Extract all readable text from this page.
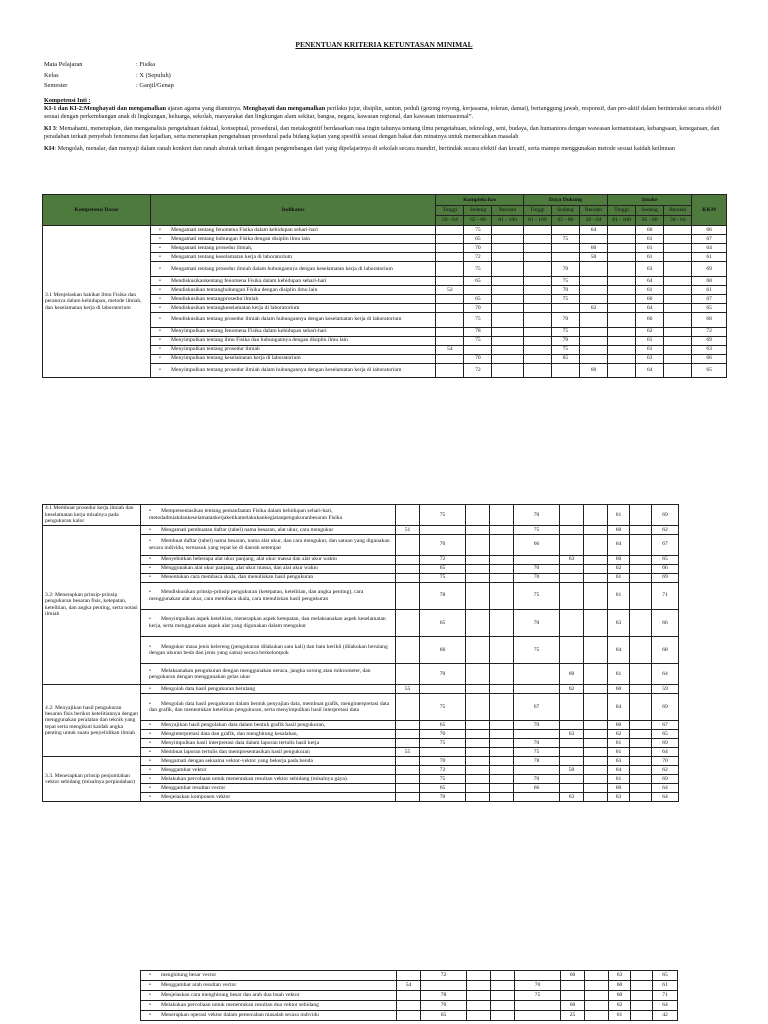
PENENTUAN KRITERIA KETUNTASAN MINIMAL
Mata Pelajaran	: Fisika
Kelas	: X (Sepuluh)
Semester	: Ganjil/Genap
Kompetensi Inti :
KI-1 dan KI-2:Menghayati dan mengamalkan ajaran agama yang dianutnya. Menghayati dan mengamalkan perilaku jujur, disiplin, santun, peduli (gotong royong, kerjasama, toleran, damai), bertanggung jawab, responsif, dan pro-aktif dalam berinteraksi secara efektif sesuai dengan perkembangan anak di lingkungan, keluarga, sekolah, masyarakat dan lingkungan alam sekitar, bangsa, negara, kawasan regional, dan kawasan internasional”.
KI 3: Memahami, menerapkan, dan menganalisis pengetahuan faktual, konseptual, prosedural, dan metakognitif berdasarkan rasa ingin tahunya tentang ilmu pengetahuan, teknologi, seni, budaya, dan humaniora dengan wawasan kemanusiaan, kebangsaan, kenegaraan, dan peradaban terkait penyebab fenomena dan kejadian, serta menerapkan pengetahuan prosedural pada bidang kajian yang spesifik sesuai dengan bakat dan minatnya untuk memecahkan masalah
KI4: Mengolah, menalar, dan menyaji dalam ranah konkret dan ranah abstrak terkait dengan pengembangan dari yang dipelajarinya di sekolah secara mandiri, bertindak secara efektif dan kreatif, serta mampu menggunakan metode sesuai kaidah keilmuan
Kompetensi Dasar	Indikator	Komplekcitas			Daya Dukung			Intake			KKM
		Tinggi	Sedang	Rendah	Tinggi	Sedang	Rendah	Tinggi	Sedang	Rendah	
		50 - 64	65 - 80	81 - 100	81 - 100	65 - 80	50 - 64	81 - 100	65 - 80	50 - 64	
3.1 Menjelaskan hakikat ilmu Fisika dan perannya dalam kehidupan, metode ilmiah, dan keselamatan kerja di laboratorium	• Mengamati tentang fenomena Fisika dalam kehidupan sehari-hari		75				64		60		66

	• Mengamati tentang hubungan Fisika dengan disiplin ilmu lain		65			75			61		67

	• Mengamati tentang prosedur ilmiah,		70				60		61		64

	• Mengamati tentang keselamatan kerja di laboratorium		72				50		61		61

	• Mengamati tentang prosedur ilmiah dalam hubungannya dengan keselamatan kerja di laboratorium		75			70			63		69

	• Mendiskusikankentang fenomena Fisika dalam kehidupan sehari-hari		65			75			64		68

	• Mendiskusikan tentanghubungan Fisika dengan disiplin ilmu lain	52				70			61		61

	• Mendiskusikan tentangprosedur ilmiah		65			75			60		67

	• Mendiskusikan tentangkeselamatan kerja di laboratorium		70				62		64		65

	• Mendiskusikan tentang prosedur ilmiah dalam hubungannya dengan keselamatan kerja di laboratorium		75			70			60		68

	• Menyimpulkan tentang fenomena Fisika dalam kehidupan sehari-hari		78			75			62		72

	• Menyimpulkan tentang ilmu Fisika dan hubungannya dengan disiplin ilmu lain		75			70			61		69

	• Menyimpulkan tentang prosedur ilmiah	54				75			61		63

	• Menyimpulkan tentang keselamatan kerja di laboratorium		70			65			63		66

	• Menyimpulkan tentang prosedur ilmiah dalam hubungannya dengan keselamatan kerja di laboratorium		72				60		64		65
4.1 Membuat prosedur kerja ilmiah dan keselamatan kerja misalnya pada pengukuran kalor	• Mempresentasikan tentang pemanfaatan Fisika dalam kehidupan sehari-hari, metodadmiahdankeselamatankerjaketikamelakukankegiatanpengukuranbesaran Fisika		75			70			61		69
3.2: Menerapkan prinsip-prinsip pengukuran besaran fisis, ketepatan, ketelitian, dan angka penting, serta notasi ilmiah	• Mengamati pembuatan daftar (tabel) nama besaran, alat ukur, cara mengukur	51				75			60		62

	• Membuat daftar (tabel) nama besaran, nama alat ukur, dan cara mengukur, dan satuan yang digunakan secara individu, termasuk yang tepat ke di daerah setempat		70			66			64		67

	• Menyebutkan beberapa alat ukur panjang, alat ukur massa dan alat ukur waktu		72				63		60		65

	• Menggunakan alat ukur panjang, alat ukur massa, dan alat ukur waktu		65			70			62		66

	• Menentukan cara membaca skala, dan menuliskan hasil pengukuran		75			70			61		69

	• Mendiskusikan prinsip-prinsip pengukuran (ketepatan, ketelitian, dan angka penting), cara menggunakan alat ukur, cara membaca skala, cara menuliskan hasil pengukuran		78			75			61		71

	• Menyimpulkan aspek ketelitian, menerapkan aspek ketepatan, dan melaksanakan aspek keselamatan kerja, serta menggunakan aspek alat yang digunakan dalam mengukur		65			70			63		66

	• Mengukur masa jenis kelereng (pengukuran dilakukan satu kali) dan batu kerikil (dilakukan berulang dengan ukuran beda dan jenis yang sama) secara berkelompok		66			75			64		68

	• Melaksanakan pengukuran dengan menggunakan neraca, jangka sorong atau mikrometer, dan pengukuran dengan menggunakan gelas ukur		70				60		61		64
4.2: Menyajikan hasil pengukuran besaran fisis berikut ketelitiannya dengan menggunakan peralatan dan teknik yang tepat serta mengikuti kaidah angka penting untuk suatu penyelidikan ilmiah	• Mengolah data hasil pengukuran berulang	55					62		60		59

	• Mengolah data hasil pengukuran dalam bentuk penyajian data, membuat grafik, menginterpretasi data dan grafik, dan menentukan ketelitian pengukuran, serta menyimpulkan hasil interpretasi data		75			67			64		69

	• Menyajikan hasil pengolahan data dalam bentuk grafik hasil pengukuran,		65			70			60		67

	• Menginterpretasi data dan grafik, dan menghitung kesalahan,		70				63		62		65

	• Menyimpulkan hasil interpretasi data dalam laporan tertulis hasil kerja		75			70			61		69

	• Membuat laporan tertulis dan mempresentasikan hasil pengukuran	55				75			61		64
3.3. Menerapkan prinsip penjumlahan vektor sebidang (misalnya perpindahan)	• Mengamati dengan seksama vektor-vektor yang bekerja pada benda		70			78			63		70

	• Menggambar vektor		72				50		64		62

	• Melakukan percobaan untuk menentukan resultan vektor sebidang (misalnya gaya).		75			70			61		69

	• Menggambar resultan vector		65			66			60		64

	• Menjelaskan komponen vektor		70				63		63		64
• menghitung besar vector		72				60		63		65

• Menggambar arah resultan vector	54				70			60		61

• Menjelaskan cara menghitung besar dan arah dua buah vektor		78			75			60		71

• Melakukan percobaan untuk menentukan resultan dua vektor sebidang		70				60		62		64

• Menerapkan operasi vektor dalam pemecahan masalah secara individu		65				25		61		42
